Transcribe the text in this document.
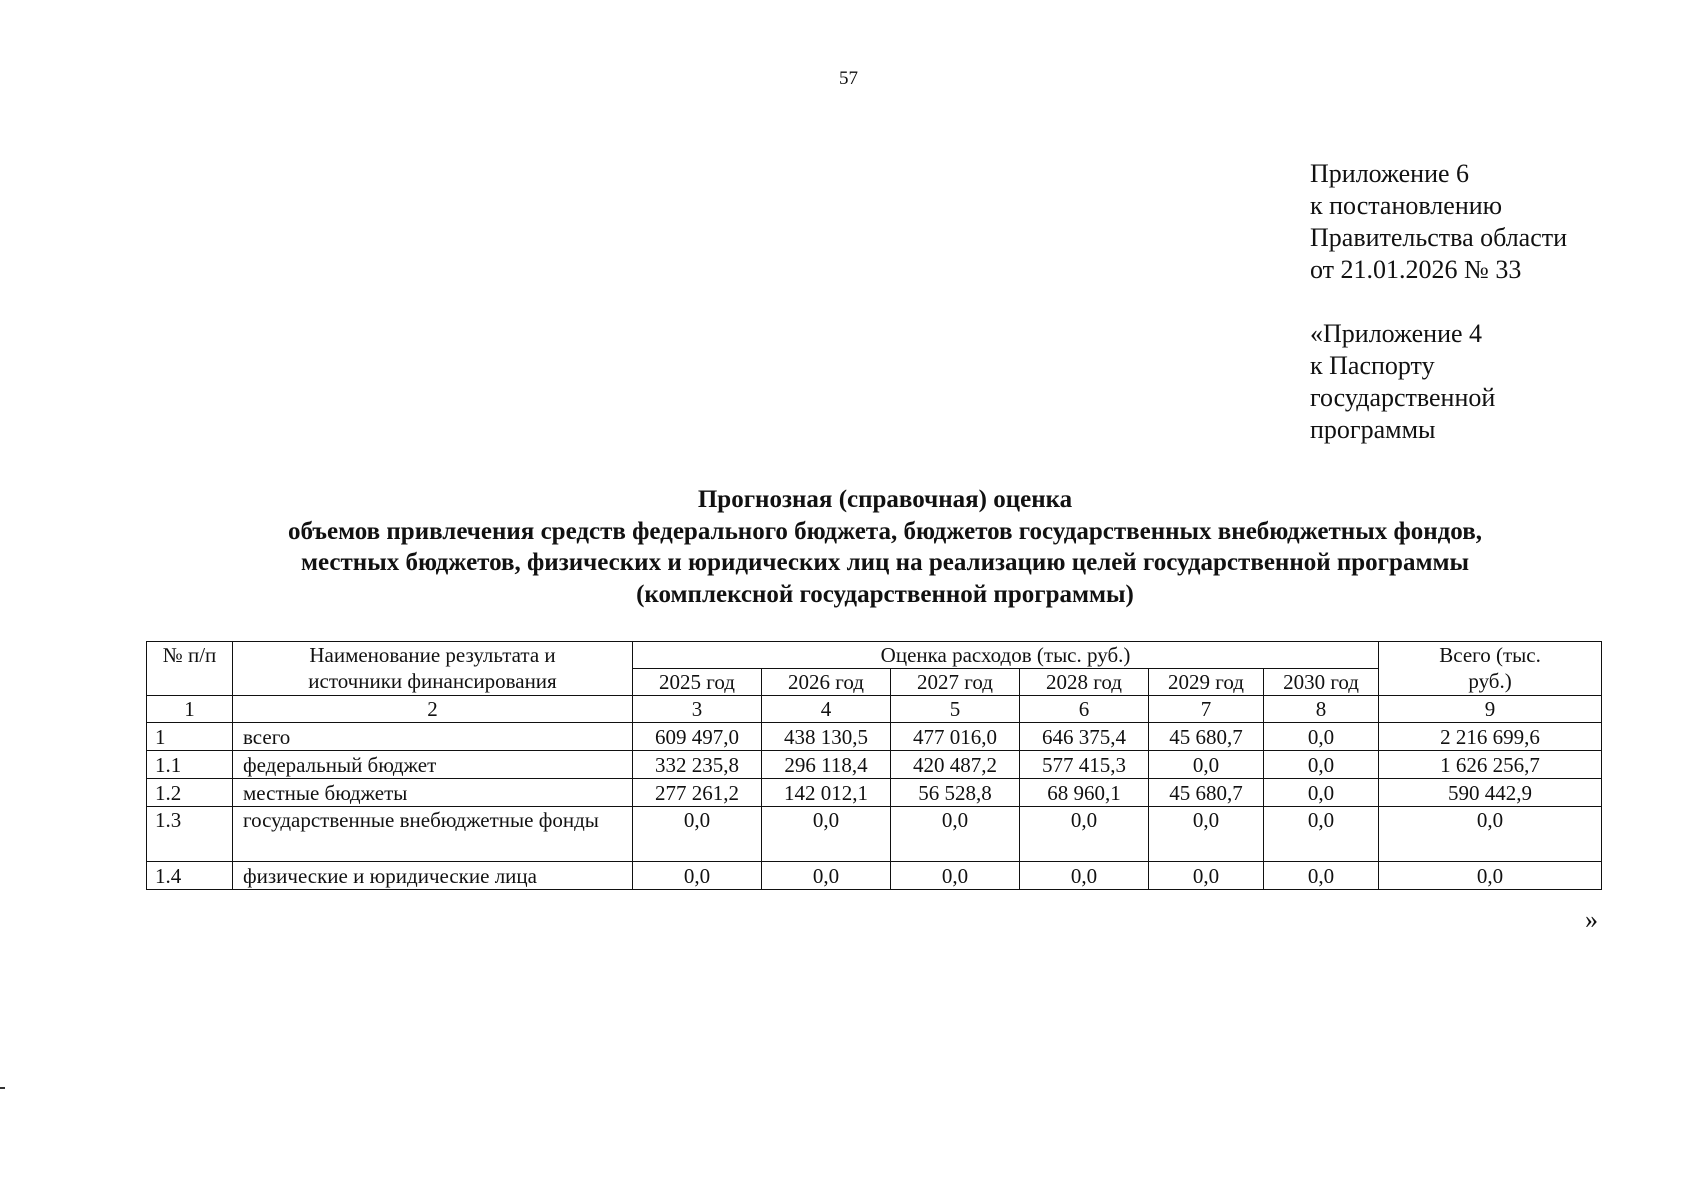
57
Приложение 6
к постановлению
Правительства области
от 21.01.2026 № 33
«Приложение 4
к Паспорту
государственной
программы
Прогнозная (справочная) оценка
объемов привлечения средств федерального бюджета, бюджетов государственных внебюджетных фондов,
местных бюджетов, физических и юридических лиц на реализацию целей государственной программы
(комплексной государственной программы)
№ п/п	Наименование результата и источники финансирования	Оценка расходов (тыс. руб.)						Всего (тыс. руб.)
		2025 год	2026 год	2027 год	2028 год	2029 год	2030 год	
1	2	3	4	5	6	7	8	9
1	всего	609 497,0	438 130,5	477 016,0	646 375,4	45 680,7	0,0	2 216 699,6
1.1	федеральный бюджет	332 235,8	296 118,4	420 487,2	577 415,3	0,0	0,0	1 626 256,7
1.2	местные бюджеты	277 261,2	142 012,1	56 528,8	68 960,1	45 680,7	0,0	590 442,9
1.3	государственные внебюджетные фонды	0,0	0,0	0,0	0,0	0,0	0,0	0,0
1.4	физические и юридические лица	0,0	0,0	0,0	0,0	0,0	0,0	0,0
»
